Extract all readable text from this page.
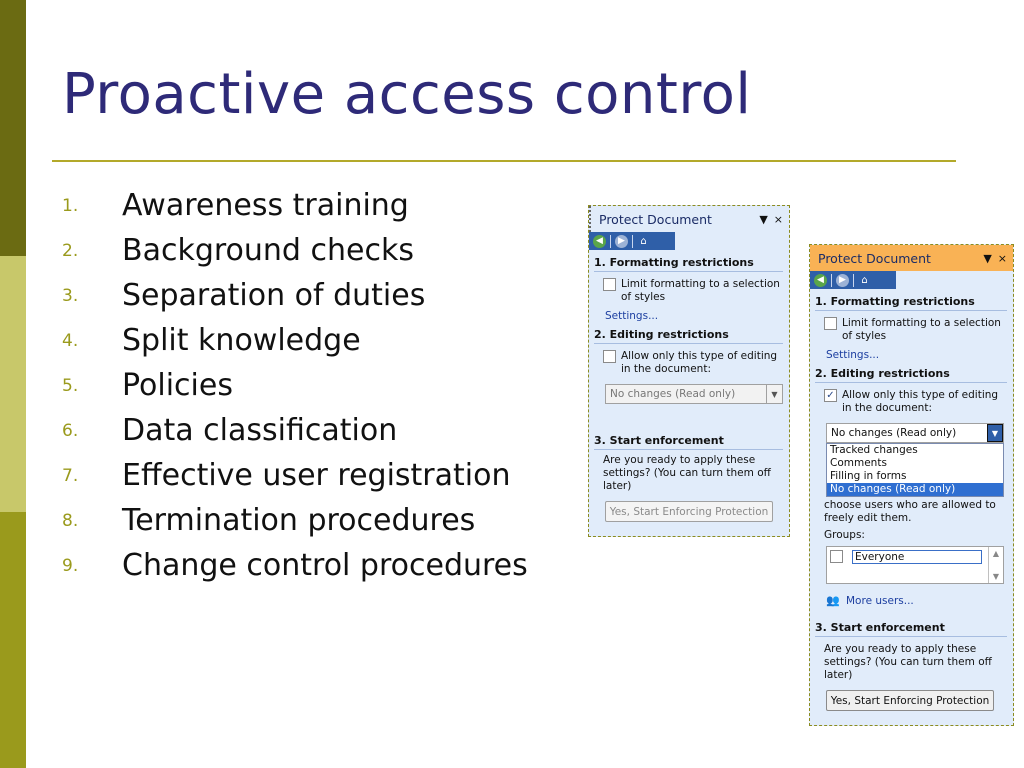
Proactive access control
1.	Awareness training
2.	Background checks
3.	Separation of duties
4.	Split knowledge
5.	Policies
6.	Data classification
7.	Effective user registration
8.	Termination procedures
9.	Change control procedures
Protect Document	▼ ×
◀	▶	⌂
1. Formatting restrictions
Limit formatting to a selection of styles
Settings...
2. Editing restrictions
Allow only this type of editing in the document:
No changes (Read only)	▼
3. Start enforcement
Are you ready to apply these settings? (You can turn them off later)
Yes, Start Enforcing Protection
Protect Document	▼ ×
◀	▶	⌂
1. Formatting restrictions
Limit formatting to a selection of styles
Settings...
2. Editing restrictions
✓ Allow only this type of editing in the document:
No changes (Read only)	▼
Tracked changes
Comments
Filling in forms
No changes (Read only)
choose users who are allowed to freely edit them.
Groups:
Everyone	▲
▼
👥 More users...
3. Start enforcement
Are you ready to apply these settings? (You can turn them off later)
Yes, Start Enforcing Protection
